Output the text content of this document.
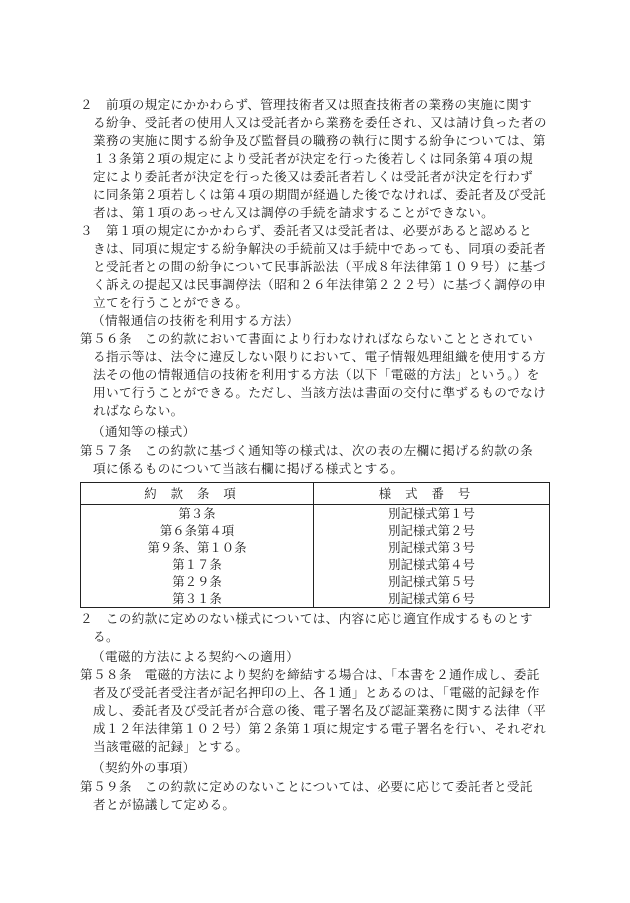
２　前項の規定にかかわらず、管理技術者又は照査技術者の業務の実施に関す
る紛争、受託者の使用人又は受託者から業務を委任され、又は請け負った者の
業務の実施に関する紛争及び監督員の職務の執行に関する紛争については、第
１３条第２項の規定により受託者が決定を行った後若しくは同条第４項の規
定により委託者が決定を行った後又は委託者若しくは受託者が決定を行わず
に同条第２項若しくは第４項の期間が経過した後でなければ、委託者及び受託
者は、第１項のあっせん又は調停の手続を請求することができない。
３　第１項の規定にかかわらず、委託者又は受託者は、必要があると認めると
きは、同項に規定する紛争解決の手続前又は手続中であっても、同項の委託者
と受託者との間の紛争について民事訴訟法（平成８年法律第１０９号）に基づ
く訴えの提起又は民事調停法（昭和２６年法律第２２２号）に基づく調停の申
立てを行うことができる。
（情報通信の技術を利用する方法）
第５６条　この約款において書面により行わなければならないこととされてい
る指示等は、法令に違反しない限りにおいて、電子情報処理組織を使用する方
法その他の情報通信の技術を利用する方法（以下「電磁的方法」という。）を
用いて行うことができる。ただし、当該方法は書面の交付に準ずるものでなけ
ればならない。
（通知等の様式）
第５７条　この約款に基づく通知等の様式は、次の表の左欄に掲げる約款の条
項に係るものについて当該右欄に掲げる様式とする。
約款条項	様式番号
第３条	別記様式第１号
第６条第４項	別記様式第２号
第９条、第１０条	別記様式第３号
第１７条	別記様式第４号
第２９条	別記様式第５号
第３１条	別記様式第６号
２　この約款に定めのない様式については、内容に応じ適宜作成するものとす
る。
（電磁的方法による契約への適用）
第５８条　電磁的方法により契約を締結する場合は、「本書を２通作成し、委託
者及び受託者受注者が記名押印の上、各１通」とあるのは、「電磁的記録を作
成し、委託者及び受託者が合意の後、電子署名及び認証業務に関する法律（平
成１２年法律第１０２号）第２条第１項に規定する電子署名を行い、それぞれ
当該電磁的記録」とする。
（契約外の事項）
第５９条　この約款に定めのないことについては、必要に応じて委託者と受託
者とが協議して定める。
